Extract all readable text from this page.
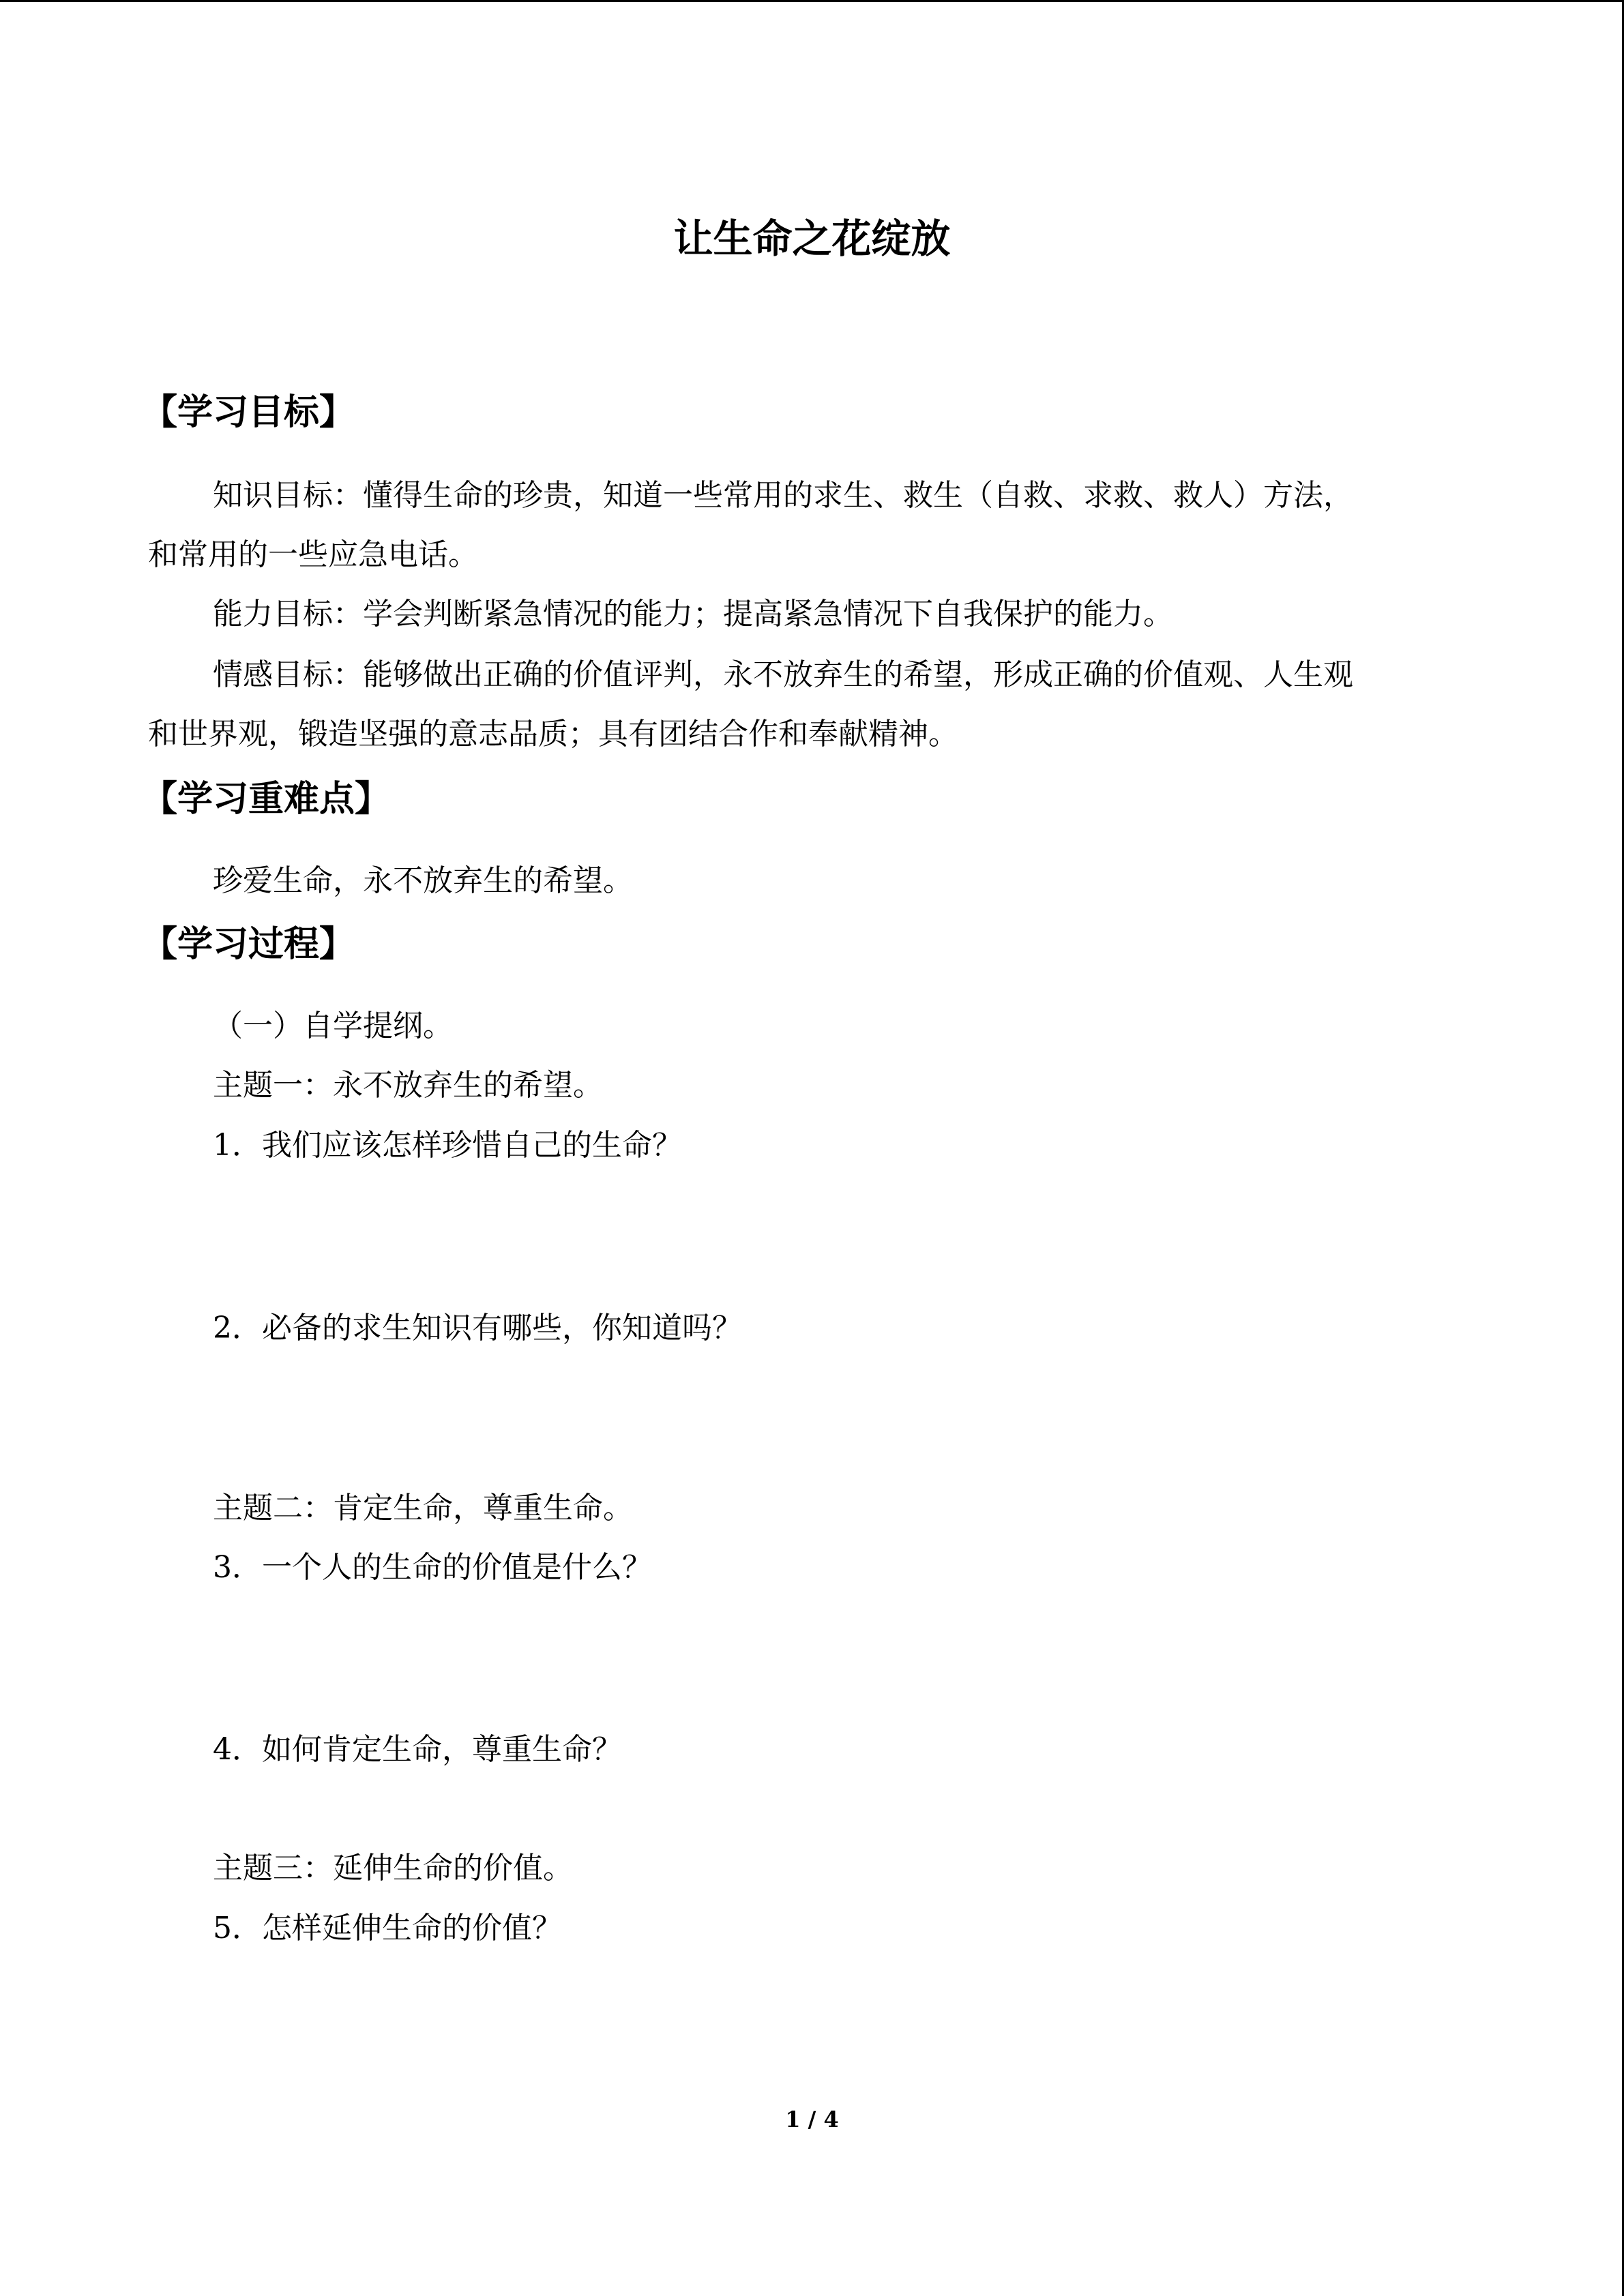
让生命之花绽放
【学习目标】
知识目标：懂得生命的珍贵，知道一些常用的求生、救生（自救、求救、救人）方法，
和常用的一些应急电话。
能力目标：学会判断紧急情况的能力；提高紧急情况下自我保护的能力。
情感目标：能够做出正确的价值评判，永不放弃生的希望，形成正确的价值观、人生观
和世界观，锻造坚强的意志品质；具有团结合作和奉献精神。
【学习重难点】
珍爱生命，永不放弃生的希望。
【学习过程】
（一）自学提纲。
主题一：永不放弃生的希望。
1．我们应该怎样珍惜自己的生命？
2．必备的求生知识有哪些，你知道吗？
主题二：肯定生命，尊重生命。
3．一个人的生命的价值是什么？
4．如何肯定生命，尊重生命？
主题三：延伸生命的价值。
5．怎样延伸生命的价值？
1 / 4
